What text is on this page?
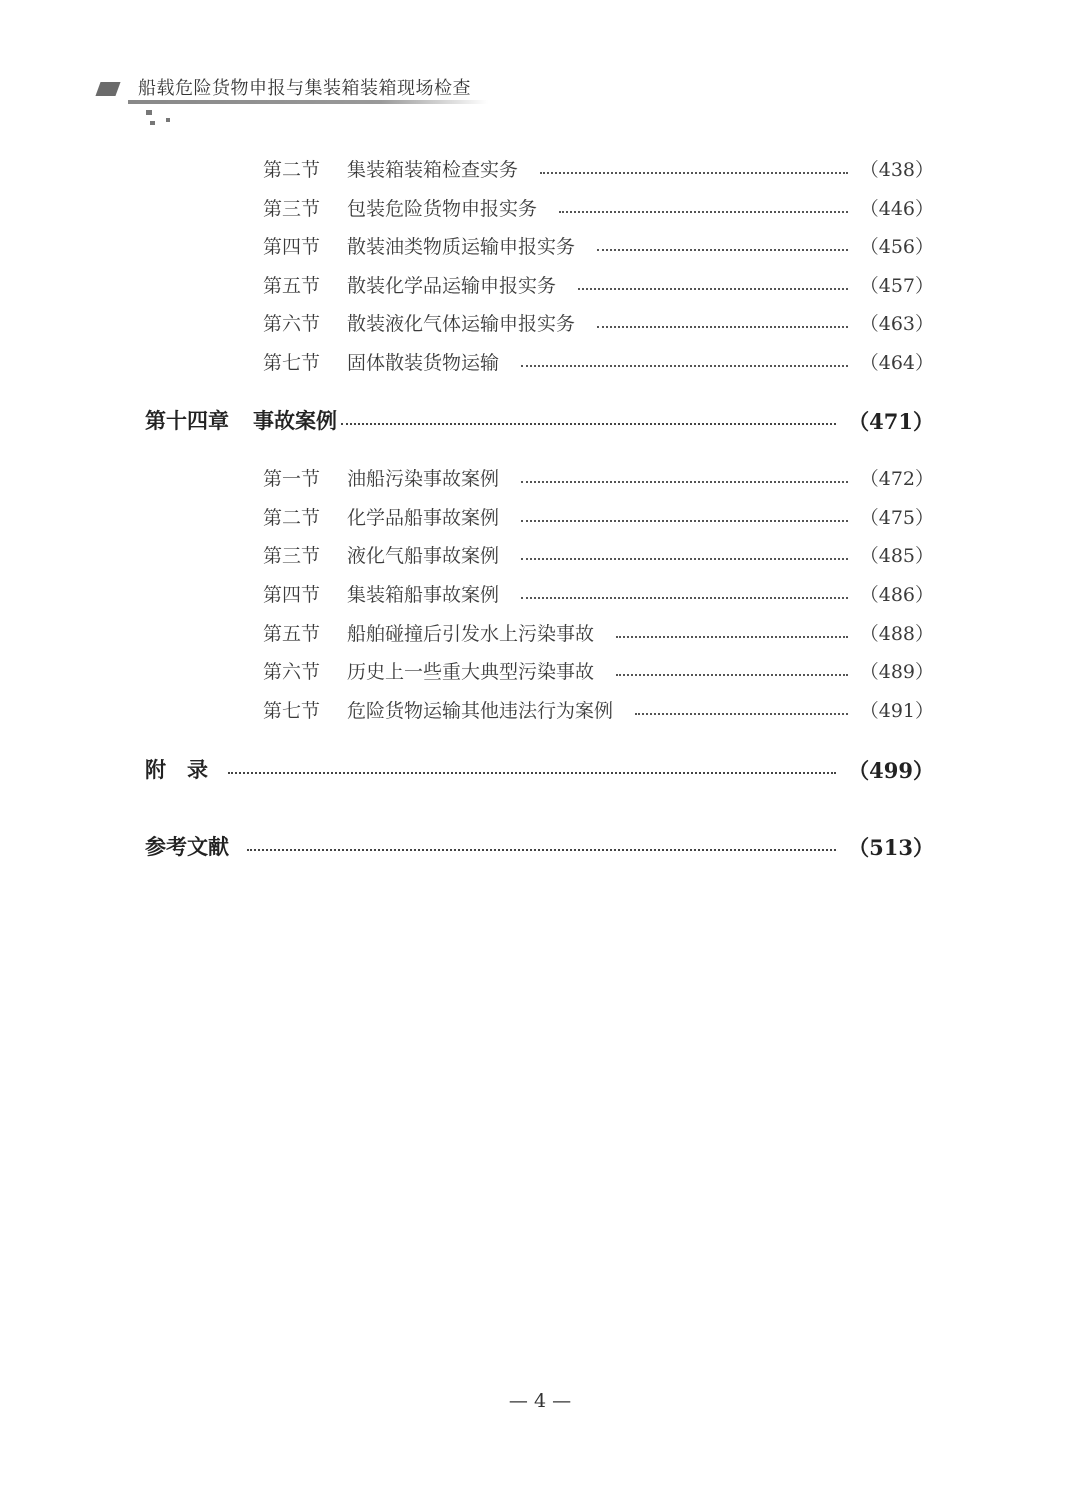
船载危险货物申报与集装箱装箱现场检查
第二节	集装箱装箱检查实务	（438）
第三节	包装危险货物申报实务	（446）
第四节	散装油类物质运输申报实务	（456）
第五节	散装化学品运输申报实务	（457）
第六节	散装液化气体运输申报实务	（463）
第七节	固体散装货物运输	（464）
第十四章 事故案例	（471）
第一节	油船污染事故案例	（472）
第二节	化学品船事故案例	（475）
第三节	液化气船事故案例	（485）
第四节	集装箱船事故案例	（486）
第五节	船舶碰撞后引发水上污染事故	（488）
第六节	历史上一些重大典型污染事故	（489）
第七节	危险货物运输其他违法行为案例	（491）
附　录	（499）
参考文献	（513）
— 4 —
